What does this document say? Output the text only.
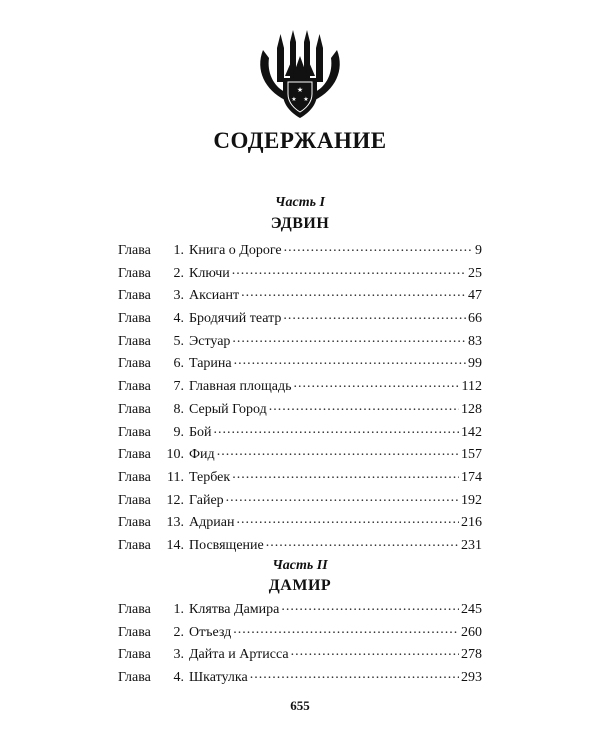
★
★ ★
СОДЕРЖАНИЕ
Часть I
ЭДВИН
Глава	1. Книга о Дороге .....	9
Глава	2. Ключи .....	25
Глава	3. Аксиант .....	47
Глава	4. Бродячий театр .....	66
Глава	5. Эстуар .....	83
Глава	6. Тарина .....	99
Глава	7. Главная площадь .....	112
Глава	8. Серый Город .....	128
Глава	9. Бой .....	142
Глава	10. Фид .....	157
Глава	11. Тербек .....	174
Глава	12. Гайер .....	192
Глава	13. Адриан .....	216
Глава	14. Посвящение .....	231
Часть II
ДАМИР
Глава	1. Клятва Дамира .....	245
Глава	2. Отъезд .....	260
Глава	3. Дайта и Артисса .....	278
Глава	4. Шкатулка .....	293
655
